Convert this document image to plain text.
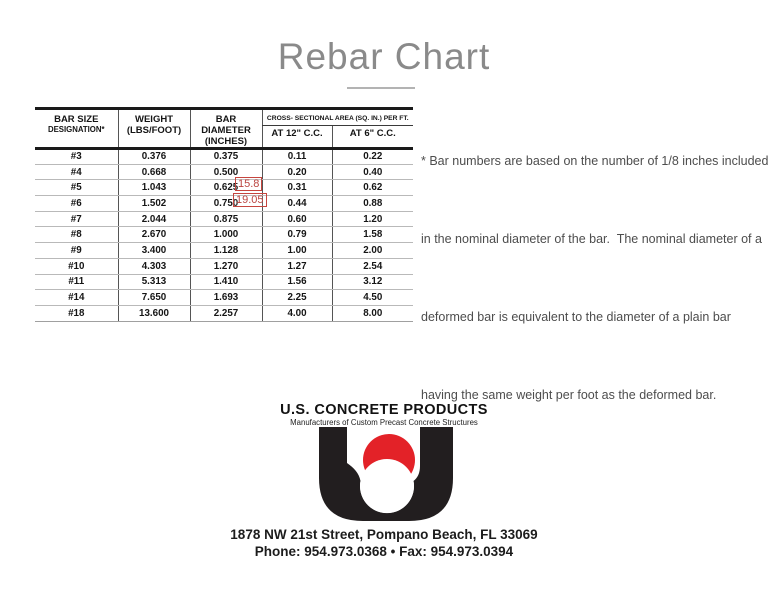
Rebar Chart
BAR SIZE
DESIGNATION*

WEIGHT
(LBS/FOOT)

BAR
DIAMETER
(INCHES)
	CROSS- SECTIONAL AREA (SQ. IN.) PER FT.
			AT 12" C.C.	AT 6" C.C.
#3	0.376	0.375	0.11	0.22
#4	0.668	0.500	0.20	0.40
#5	1.043	0.625	0.31	0.62
#6	1.502	0.750	0.44	0.88
#7	2.044	0.875	0.60	1.20
#8	2.670	1.000	0.79	1.58
#9	3.400	1.128	1.00	2.00
#10	4.303	1.270	1.27	2.54
#11	5.313	1.410	1.56	3.12
#14	7.650	1.693	2.25	4.50
#18	13.600	2.257	4.00	8.00
15.8
19.05

* Bar numbers are based on the number of 1/8 inches included

in the nominal diameter of the bar.  The nominal diameter of a

deformed bar is equivalent to the diameter of a plain bar

having the same weight per foot as the deformed bar.

U.S. CONCRETE PRODUCTS
Manufacturers of Custom Precast Concrete Structures
1878 NW 21st Street, Pompano Beach, FL 33069
Phone: 954.973.0368 • Fax: 954.973.0394
